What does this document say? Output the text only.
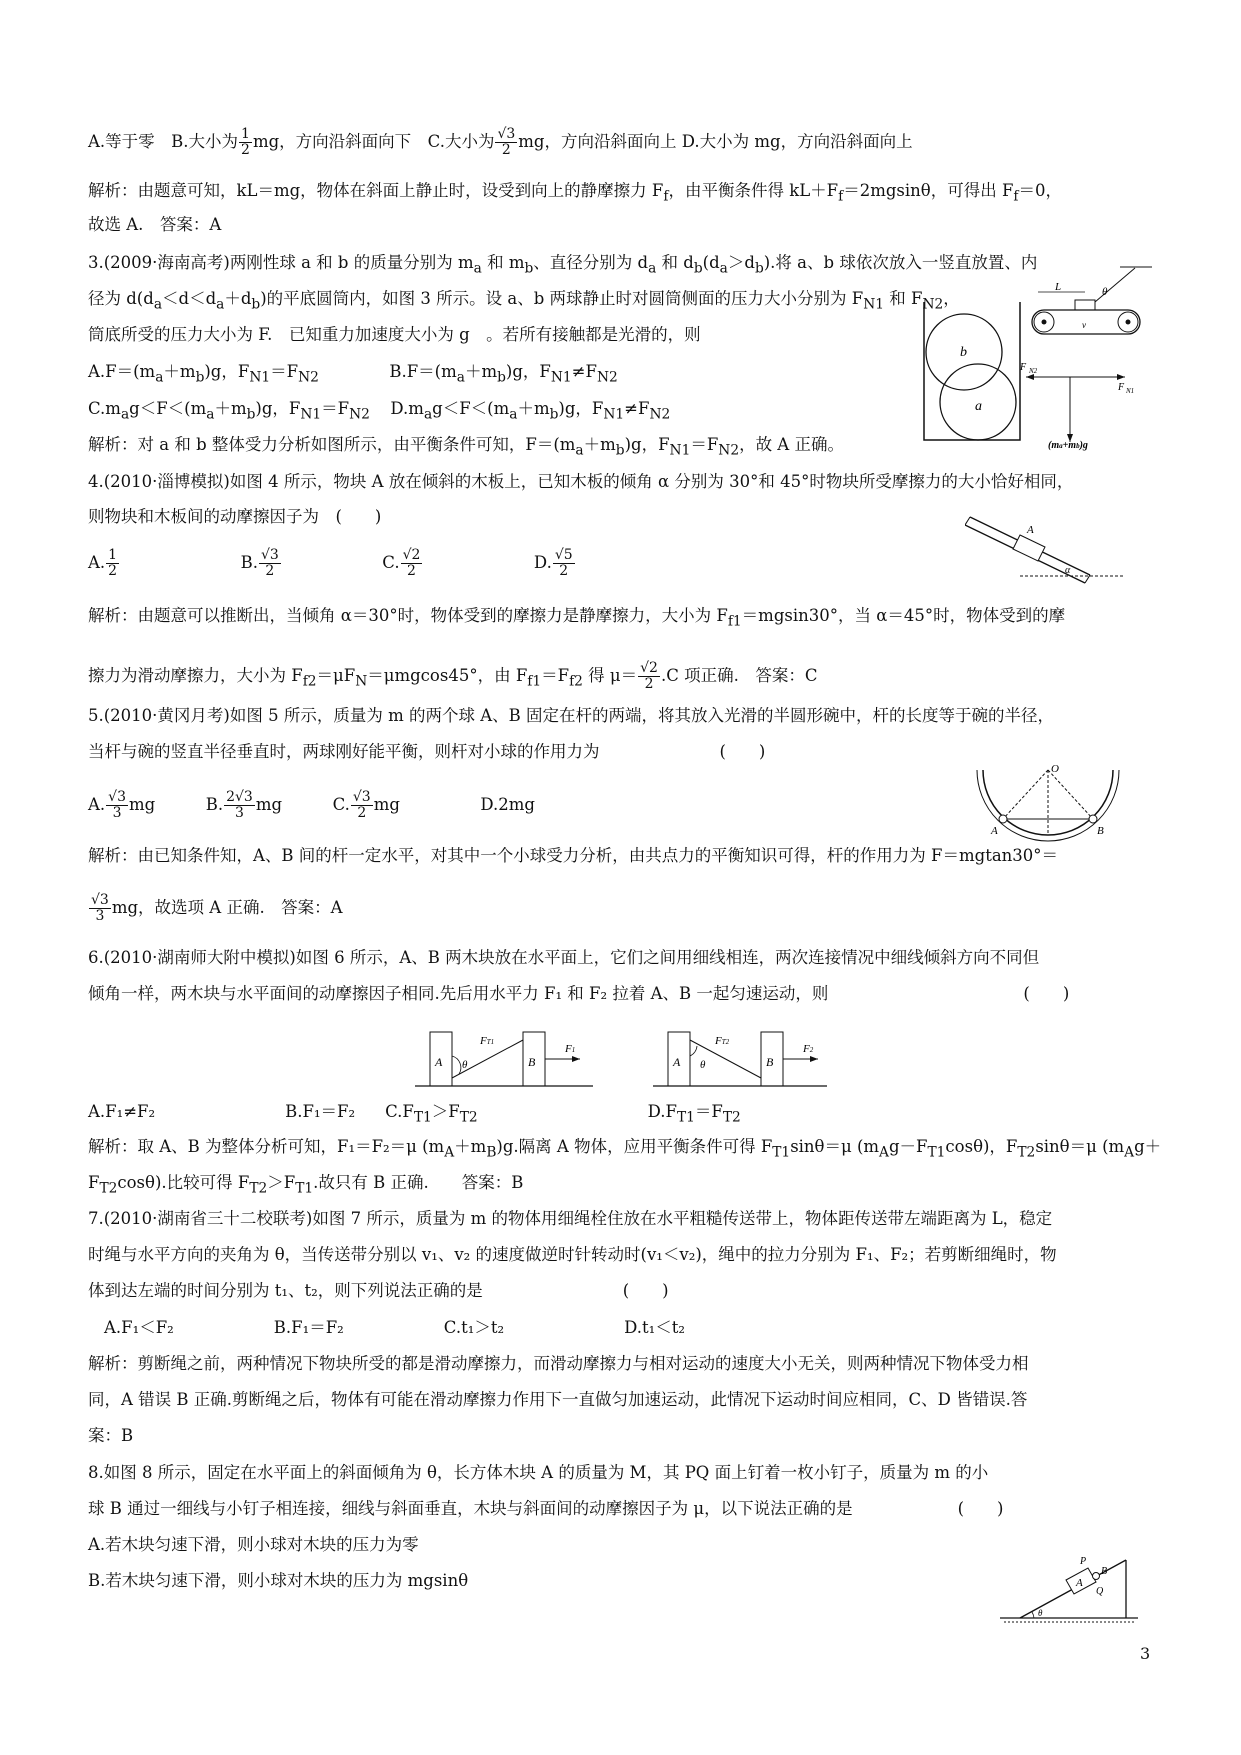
A.等于零　B.大小为 $\frac{1}{2}$ mg，方向沿斜面向下　C.大小为 $\frac{√3}{2}$ mg，方向沿斜面向上 D.大小为 mg，方向沿斜面向上
解析：由题意可知，kL＝mg，物体在斜面上静止时，设受到向上的静摩擦力 $F_f$，由平衡条件得 $kL+F_f=2mgsin\theta$，可得出 $F_f=0$，
故选 A.　答案：A
3.(2009·海南高考)两刚性球 a 和 b 的质量分别为 $m_a$ 和 $m_b$、直径分别为 $d_a$ 和 $d_b(d_a>d_b)$.将 a、b 球依次放入一竖直放置、内
径为 $d(d_a<d<d_a+d_b)$的平底圆筒内，如图 3 所示。设 a、b 两球静止时对圆筒侧面的压力大小分别为 $F_{N1}$ 和 $F_{N2}$，
筒底所受的压力大小为 F.　已知重力加速度大小为 g　。若所有接触都是光滑的，则
$A.F=(m_a+m_b)g$，$F_{N1}=F_{N2}$	$B.F=(m_a+m_b)g$，$F_{N1}\ne F_{N2}$
$C.m_ag<F<(m_a+m_b)g$，$F_{N1}=F_{N2}$ $D.m_ag<F<(m_a+m_b)g$，$F_{N1}\ne F_{N2}$
解析：对 a 和 b 整体受力分析如图所示，由平衡条件可知，$F=(m_a+m_b)g$，$F_{N1}=F_{N2}$，故 A 正确。
b
a
L	θ
v
F N2
F N1
(ma+mb)g
4.(2010·淄博模拟)如图 4 所示，物块 A 放在倾斜的木板上，已知木板的倾角 α 分别为 30°和 45°时物块所受摩擦力的大小恰好相同，
则物块和木板间的动摩擦因子为　(　　)
A. $\frac{1}{2}$	B. $\frac{√3}{2}$	C. $\frac{√2}{2}$	D. $\frac{√5}{2}$
A
α
解析：由题意可以推断出，当倾角 α＝30°时，物体受到的摩擦力是静摩擦力，大小为 $F_{f1}=mgsin30^\circ$，当 α＝45°时，物体受到的摩
擦力为滑动摩擦力，大小为 $F_{f2}=\mu F_N=\mu mgcos45^\circ$，由 $F_{f1}=F_{f2}$ 得 $\mu= \frac{√2}{2} .C$ 项正确.　答案：C
5.(2010·黄冈月考)如图 5 所示，质量为 m 的两个球 A、B 固定在杆的两端，将其放入光滑的半圆形碗中，杆的长度等于碗的半径，
当杆与碗的竖直半径垂直时，两球刚好能平衡，则杆对小球的作用力为	(　　)
A. $\frac{√3}{3}$ mg	B. $\frac{2√3}{3}$ mg	C. $\frac{√3}{2}$ mg	D.2mg
O
A	B
解析：由已知条件知，A、B 间的杆一定水平，对其中一个小球受力分析，由共点力的平衡知识可得，杆的作用力为 F＝mgtan30°＝
$\frac{√3}{3}$ mg，故选项 A 正确.　答案：A
6.(2010·湖南师大附中模拟)如图 6 所示，A、B 两木块放在水平面上，它们之间用细线相连，两次连接情况中细线倾斜方向不同但
倾角一样，两木块与水平面间的动摩擦因子相同.先后用水平力 F₁ 和 F₂ 拉着 A、B 一起匀速运动，则	(　　)
A θ
FT1
B
F1
A θ
FT2
B
F2
A.F₁≠F₂	B.F₁＝F₂ $C.F_{T1}>F_{T2}$	$D.F_{T1}=F_{T2}$
解析：取 A、B 为整体分析可知，F₁＝F₂＝μ $(m_A+m_B)g$.隔离 A 物体，应用平衡条件可得 $F_{T1}\sin\theta=\mu$ $(m_Ag-F_{T1}\cos\theta)$，$F_{T2}\sin\theta=\mu$ ($m_Ag+$
$F_{T2}\cos\theta$).比较可得 $F_{T2}>F_{T1}$.故只有 B 正确.　　答案：B
7.(2010·湖南省三十二校联考)如图 7 所示，质量为 m 的物体用细绳栓住放在水平粗糙传送带上，物体距传送带左端距离为 L，稳定
时绳与水平方向的夹角为 θ，当传送带分别以 v₁、v₂ 的速度做逆时针转动时(v₁＜v₂)，绳中的拉力分别为 F₁、F₂；若剪断细绳时，物
体到达左端的时间分别为 t₁、t₂，则下列说法正确的是	(　　)
A.F₁＜F₂	B.F₁＝F₂	C.t₁＞t₂	D.t₁＜t₂
解析：剪断绳之前，两种情况下物块所受的都是滑动摩擦力，而滑动摩擦力与相对运动的速度大小无关，则两种情况下物体受力相
同，A 错误 B 正确.剪断绳之后，物体有可能在滑动摩擦力作用下一直做匀加速运动，此情况下运动时间应相同，C、D 皆错误.答
案：B
8.如图 8 所示，固定在水平面上的斜面倾角为 θ，长方体木块 A 的质量为 M，其 PQ 面上钉着一枚小钉子，质量为 m 的小
球 B 通过一细线与小钉子相连接，细线与斜面垂直，木块与斜面间的动摩擦因子为 μ，以下说法正确的是	(　　)
A.若木块匀速下滑，则小球对木块的压力为零
B.若木块匀速下滑，则小球对木块的压力为 mgsinθ
P
A
B
Q
θ
3
